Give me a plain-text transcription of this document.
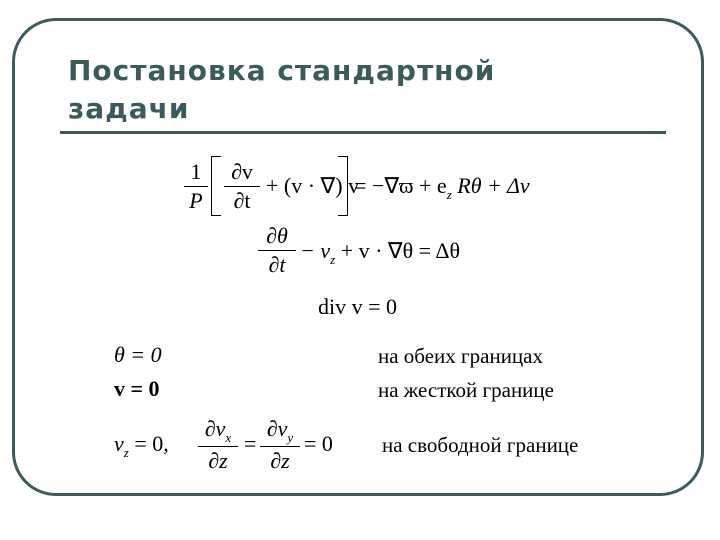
Постановка стандартной
задачи
1
P
∂v
∂t
+ (v · ∇) v
= $-\nabla ϖ + e_z$ Rθ + Δv
∂θ
∂t
− $v_z + v \cdot \nabla\theta = \Delta\theta$
div v = 0
θ = 0	на обеих границах
v = 0	на жесткой границе
$v_z = 0$,
$\partial v_x$
∂z
=
$\partial v_y$
∂z
= 0 на свободной границе
